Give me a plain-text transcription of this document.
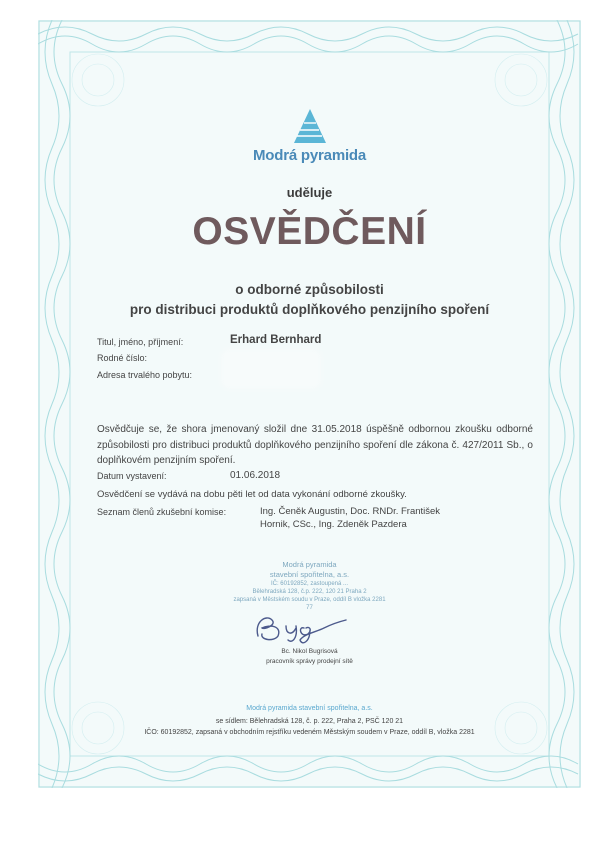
Modrá pyramida
uděluje
OSVĚDČENÍ
o odborné způsobilosti
pro distribuci produktů doplňkového penzijního spoření
Titul, jméno, příjmení:	Erhard Bernhard
Rodné číslo:
Adresa trvalého pobytu:
Osvědčuje se, že shora jmenovaný složil dne 31.05.2018 úspěšně odbornou zkoušku odborné způsobilosti pro distribuci produktů doplňkového penzijního spoření dle zákona č. 427/2011 Sb., o doplňkovém penzijním spoření.
Datum vystavení:	01.06.2018
Osvědčení se vydává na dobu pěti let od data vykonání odborné zkoušky.
Seznam členů zkušební komise:	Ing. Čeněk Augustin, Doc. RNDr. František
Hornik, CSc., Ing. Zdeněk Pazdera
Modrá pyramida
stavební spořitelna, a.s.
IČ: 60192852, zastoupená ...
Bělehradská 128, č.p. 222, 120 21 Praha 2
zapsaná v Městském soudu v Praze, oddíl B vložka 2281
77
Bc. Nikol Bugrisová
pracovník správy prodejní sítě
Modrá pyramida stavební spořitelna, a.s.
se sídlem: Bělehradská 128, č. p. 222, Praha 2, PSČ 120 21
IČO: 60192852, zapsaná v obchodním rejstříku vedeném Městským soudem v Praze, oddíl B, vložka 2281
